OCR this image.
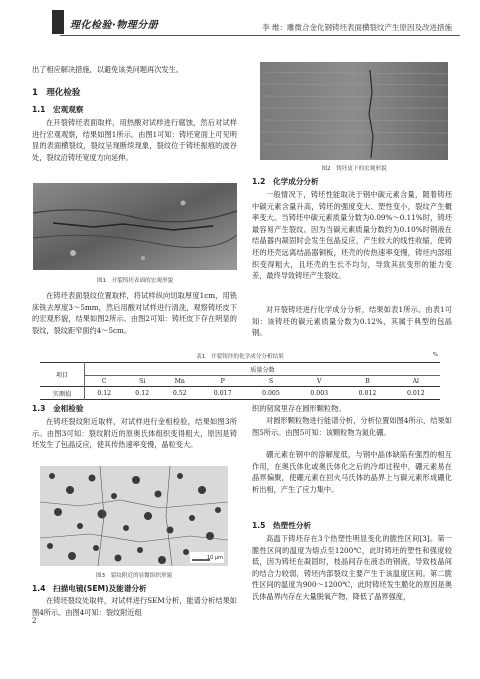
理化检验·物理分册	李 维：雕微合金化钢铸坯表面横裂纹产生原因及改进措施
出了相应解决措施，以避免该类问题再次发生。
1　理化检验
1.1　宏观观察
在开裂铸坯表面取样，用热酸对试样进行腐蚀，然后对试样进行宏观观察，结果如图1所示。由图1可知：铸坯宽面上可见明显的表面横裂纹，裂纹呈现断续现象，裂纹位于铸坯振痕的波谷处，裂纹沿铸坯宽度方向延伸。
图1　开裂铸坯表面的宏观形貌
在铸坯表面裂纹位置取样，将试样纵向切取厚度1cm，用铣床铣去厚度3～5mm，然后用酸对试样进行清洗，观察铸坯皮下的宏观形貌，结果如图2所示。由图2可知：铸坯皮下存在明显的裂纹，裂纹距窄面约4～5cm。
图2　铸坯皮下的宏观形貌
1.2　化学成分分析
一般情况下，铸坯性能取决于钢中碳元素含量，随着铸坯中碳元素含量升高，铸坯的强度变大、塑性变小，裂纹产生概率变大。当铸坯中碳元素质量分数为0.09%～0.11%时，铸坯最容易产生裂纹。因为当碳元素质量分数约为0.10%时钢液在结晶器内凝固时会发生包晶反应，产生较大的线性收缩，使铸坯的坯壳远离结晶器铜板，坯壳的传热速率变慢，铸坯内部组织变得粗大，且坯壳的生长不均匀，导致其抗变形的能力变差，最终导致铸坯产生裂纹。
对开裂铸坯进行化学成分分析，结果如表1所示。由表1可知：该铸坯的碳元素质量分数为0.12%，其属于典型的包晶钢。
表1　开裂铸坯的化学成分分析结果	%
项目	质量分数							
	C	Si	Mn	P	S	V	B	Al
实测值	0.12	0.12	0.52	0.017	0.005	0.003	0.012	0.012
1.3　金相检验
在铸坯裂纹附近取样，对试样进行金相检验，结果如图3所示。由图3可知：裂纹附近的原奥氏体组织变得粗大，原因是铸坯发生了包晶反应，使其传热速率变慢，晶粒变大。
10 μm
图3　裂纹附近的显微组织形貌
1.4　扫描电镜(SEM)及能谱分析
在铸坯裂纹处取样，对试样进行SEM分析，能谱分析结果如图4所示。由图4可知：裂纹附近组
2
织的韧窝里存在圆形颗粒物。
对圆形颗粒物进行能谱分析，分析位置如图4所示，结果如图5所示。由图5可知：该颗粒物为氮化硼。
硼元素在钢中的溶解度低，与钢中晶体缺陷有强烈的相互作用，在奥氏体化或奥氏体化之后的冷却过程中，硼元素易在晶界偏聚，使硼元素在回火马氏体的晶界上与碳元素形成硼化析出相，产生了应力集中。
1.5　热塑性分析
高温下铸坯存在3个热塑性明显变化的脆性区间[3]。第一脆性区间的温度为熔点至1200℃，此时铸坯的塑性和强度较低，因为铸坯在凝固时，枝晶间存在液态的钢液，导致枝晶间的结合力较弱，铸坯内部裂纹主要产生于该温度区间。第二脆性区间的温度为900～1200℃，此时铸坯发生脆化的原因是奥氏体晶界内存在大量脱氧产物，降低了晶界强度，
